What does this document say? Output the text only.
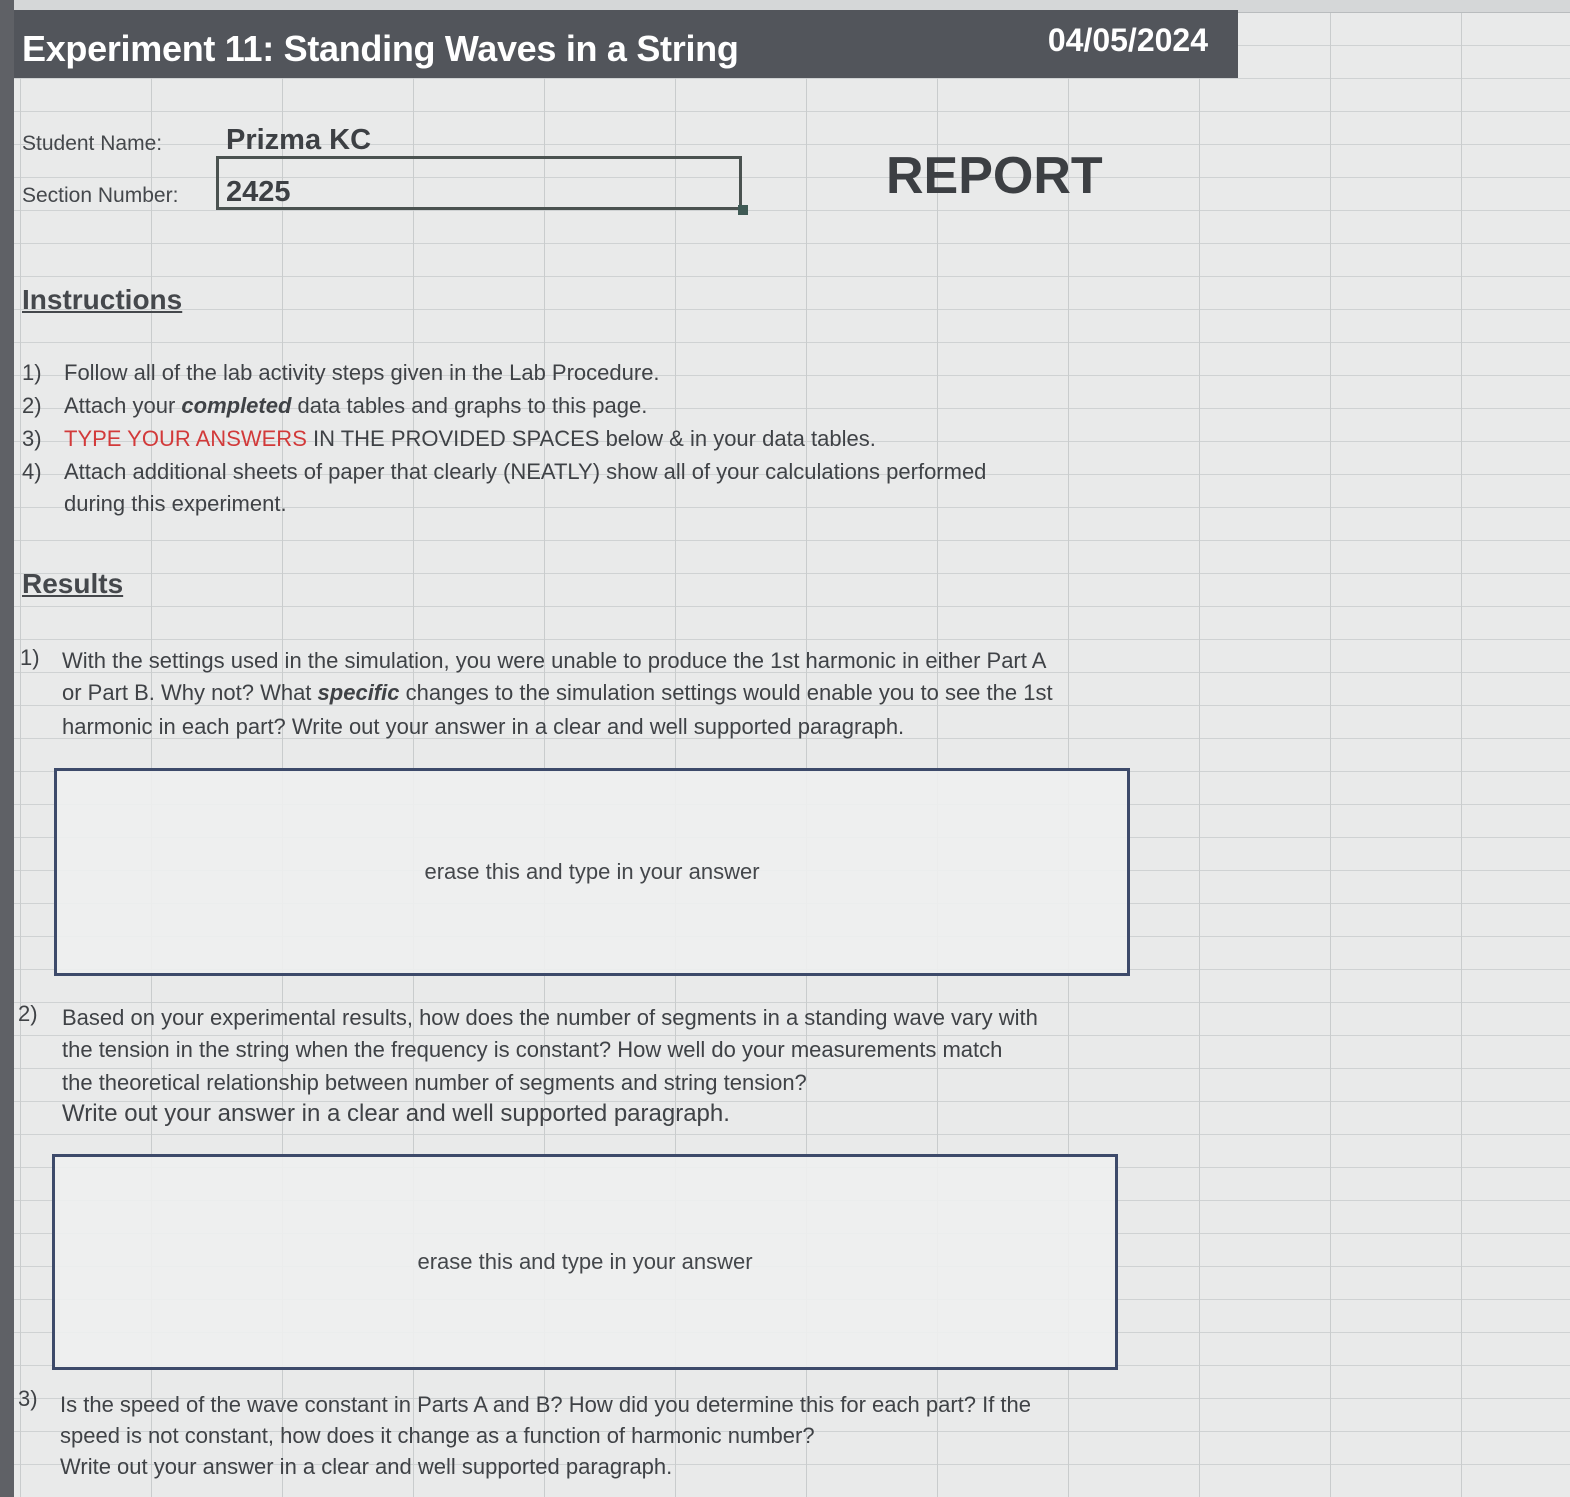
Experiment 11: Standing Waves in a String	04/05/2024
Student Name: Prizma KC
Section Number: 2425	REPORT
Instructions
1) Follow all of the lab activity steps given in the Lab Procedure.
2) Attach your completed data tables and graphs to this page.
3) TYPE YOUR ANSWERS IN THE PROVIDED SPACES below & in your data tables.
4) Attach additional sheets of paper that clearly (NEATLY) show all of your calculations performed
during this experiment.
Results
1) With the settings used in the simulation, you were unable to produce the 1st harmonic in either Part A
or Part B. Why not? What specific changes to the simulation settings would enable you to see the 1st
harmonic in each part? Write out your answer in a clear and well supported paragraph.
erase this and type in your answer
2) Based on your experimental results, how does the number of segments in a standing wave vary with
the tension in the string when the frequency is constant? How well do your measurements match
the theoretical relationship between number of segments and string tension?
Write out your answer in a clear and well supported paragraph.
erase this and type in your answer
3) Is the speed of the wave constant in Parts A and B? How did you determine this for each part? If the
speed is not constant, how does it change as a function of harmonic number?
Write out your answer in a clear and well supported paragraph.
